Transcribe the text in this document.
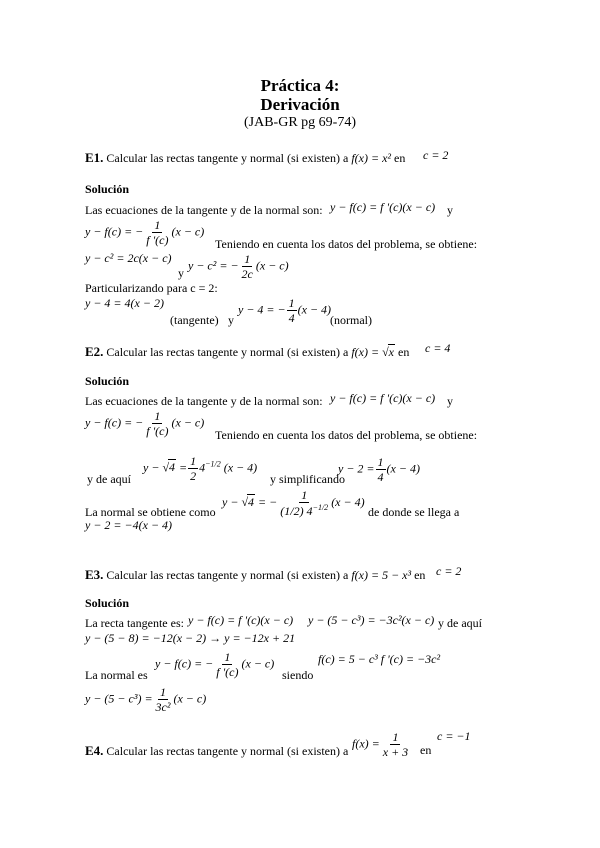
Práctica 4:
Derivación
(JAB-GR pg 69-74)
E1. Calcular las rectas tangente y normal (si existen) a f(x) = x² en c = 2
Solución
Las ecuaciones de la tangente y de la normal son: y − f(c) = f '(c)(x − c) y
y − f(c) = − $\frac{1}{f '(c)} (x - c)$
Teniendo en cuenta los datos del problema, se obtiene:
y − c² = 2c(x − c)
y
y − c² = − $\frac{1}{2c} (x - c)$
Particularizando para c = 2:
y − 4 = 4(x − 2)
(tangente) y
y − 4 = − $\frac{1}{4} (x - 4)$
(normal)
E2. Calcular las rectas tangente y normal (si existen) a f(x) = √x en c = 4
Solución
Las ecuaciones de la tangente y de la normal son: y − f(c) = f '(c)(x − c) y
y − f(c) = − $\frac{1}{f '(c)} (x - c)$
Teniendo en cuenta los datos del problema, se obtiene:
y de aquí
$y - √4 = \frac{1}{2} 4^{-1/2}$ (x − 4)
y simplificando
$y - 2 = \frac{1}{4} (x - 4)$
La normal se obtiene como
y − √4 = − $\frac{1}{(1/2) 4^{-1/2}} (x - 4)$
de donde se llega a
y − 2 = −4(x − 4)
E3. Calcular las rectas tangente y normal (si existen) a f(x) = 5 − x³ en c = 2
Solución
La recta tangente es: y − f(c) = f '(c)(x − c) y − (5 − c³) = −3c²(x − c) y de aquí
y − (5 − 8) = −12(x − 2) → y = −12x + 21
La normal es
y − f(c) = − $\frac{1}{f '(c)} (x - c)$
siendo
f(c) = 5 − c³ f '(c) = −3c²
$y - (5 - c^3) = \frac{1}{\text{3c²}} (x - c)$
E4. Calcular las rectas tangente y normal (si existen) a
$f(x) = \frac{1}{x + 3}$ en
c = −1
